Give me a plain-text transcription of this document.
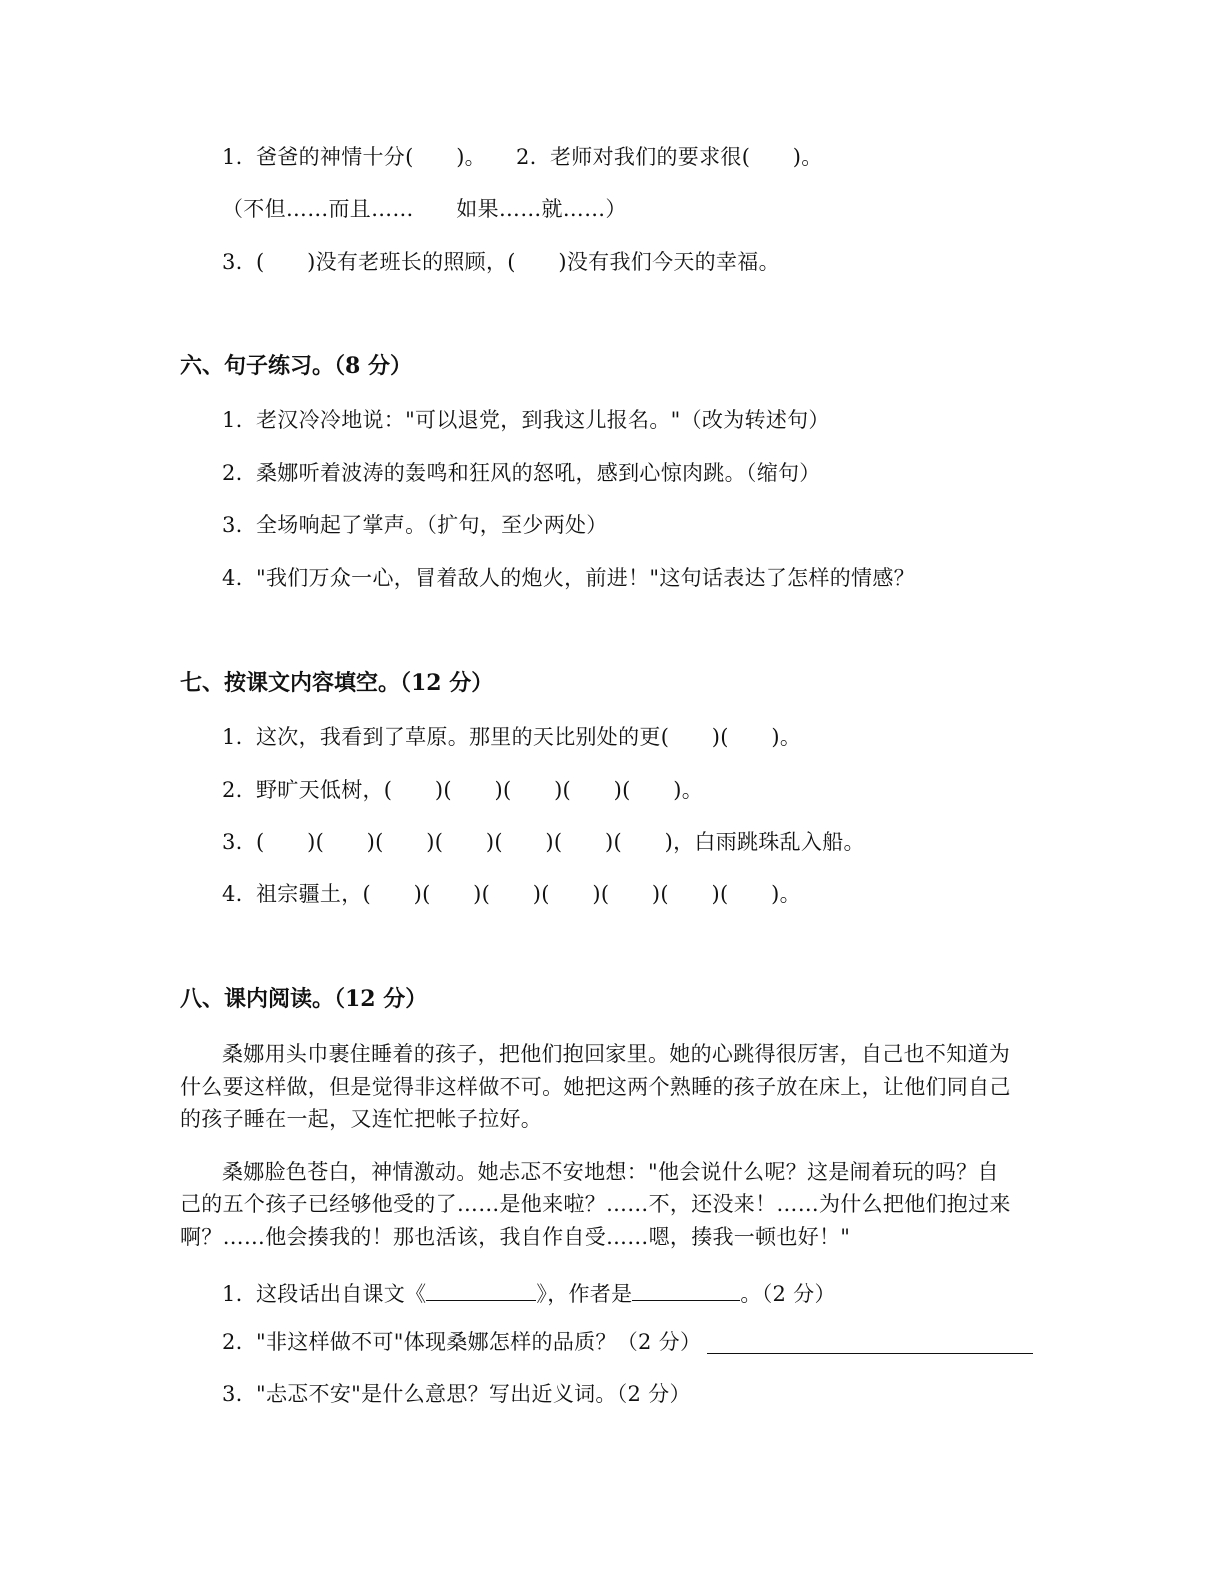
1. 爸爸的神情十分(　　)。 2. 老师对我们的要求很(　　)。
（不但……而且……　　如果……就……）
3. (　　)没有老班长的照顾，(　　)没有我们今天的幸福。
六、句子练习。（8 分）
1. 老汉冷冷地说："可以退党，到我这儿报名。"（改为转述句）
2. 桑娜听着波涛的轰鸣和狂风的怒吼，感到心惊肉跳。（缩句）
3. 全场响起了掌声。（扩句，至少两处）
4. "我们万众一心，冒着敌人的炮火，前进！"这句话表达了怎样的情感？
七、按课文内容填空。（12 分）
1. 这次，我看到了草原。那里的天比别处的更(　　)(　　)。
2. 野旷天低树，(　　)(　　)(　　)(　　)(　　)。
3. (　　)(　　)(　　)(　　)(　　)(　　)(　　)，白雨跳珠乱入船。
4. 祖宗疆土，(　　)(　　)(　　)(　　)(　　)(　　)(　　)。
八、课内阅读。（12 分）
桑娜用头巾裹住睡着的孩子，把他们抱回家里。她的心跳得很厉害，自己也不知道为
什么要这样做，但是觉得非这样做不可。她把这两个熟睡的孩子放在床上，让他们同自己
的孩子睡在一起，又连忙把帐子拉好。
桑娜脸色苍白，神情激动。她忐忑不安地想："他会说什么呢？这是闹着玩的吗？自
己的五个孩子已经够他受的了……是他来啦？……不，还没来！……为什么把他们抱过来
啊？……他会揍我的！那也活该，我自作自受……嗯，揍我一顿也好！"
1. 这段话出自课文《	》，作者是	。（2 分）
2. "非这样做不可"体现桑娜怎样的品质？（2 分）
3. "忐忑不安"是什么意思？写出近义词。（2 分）
